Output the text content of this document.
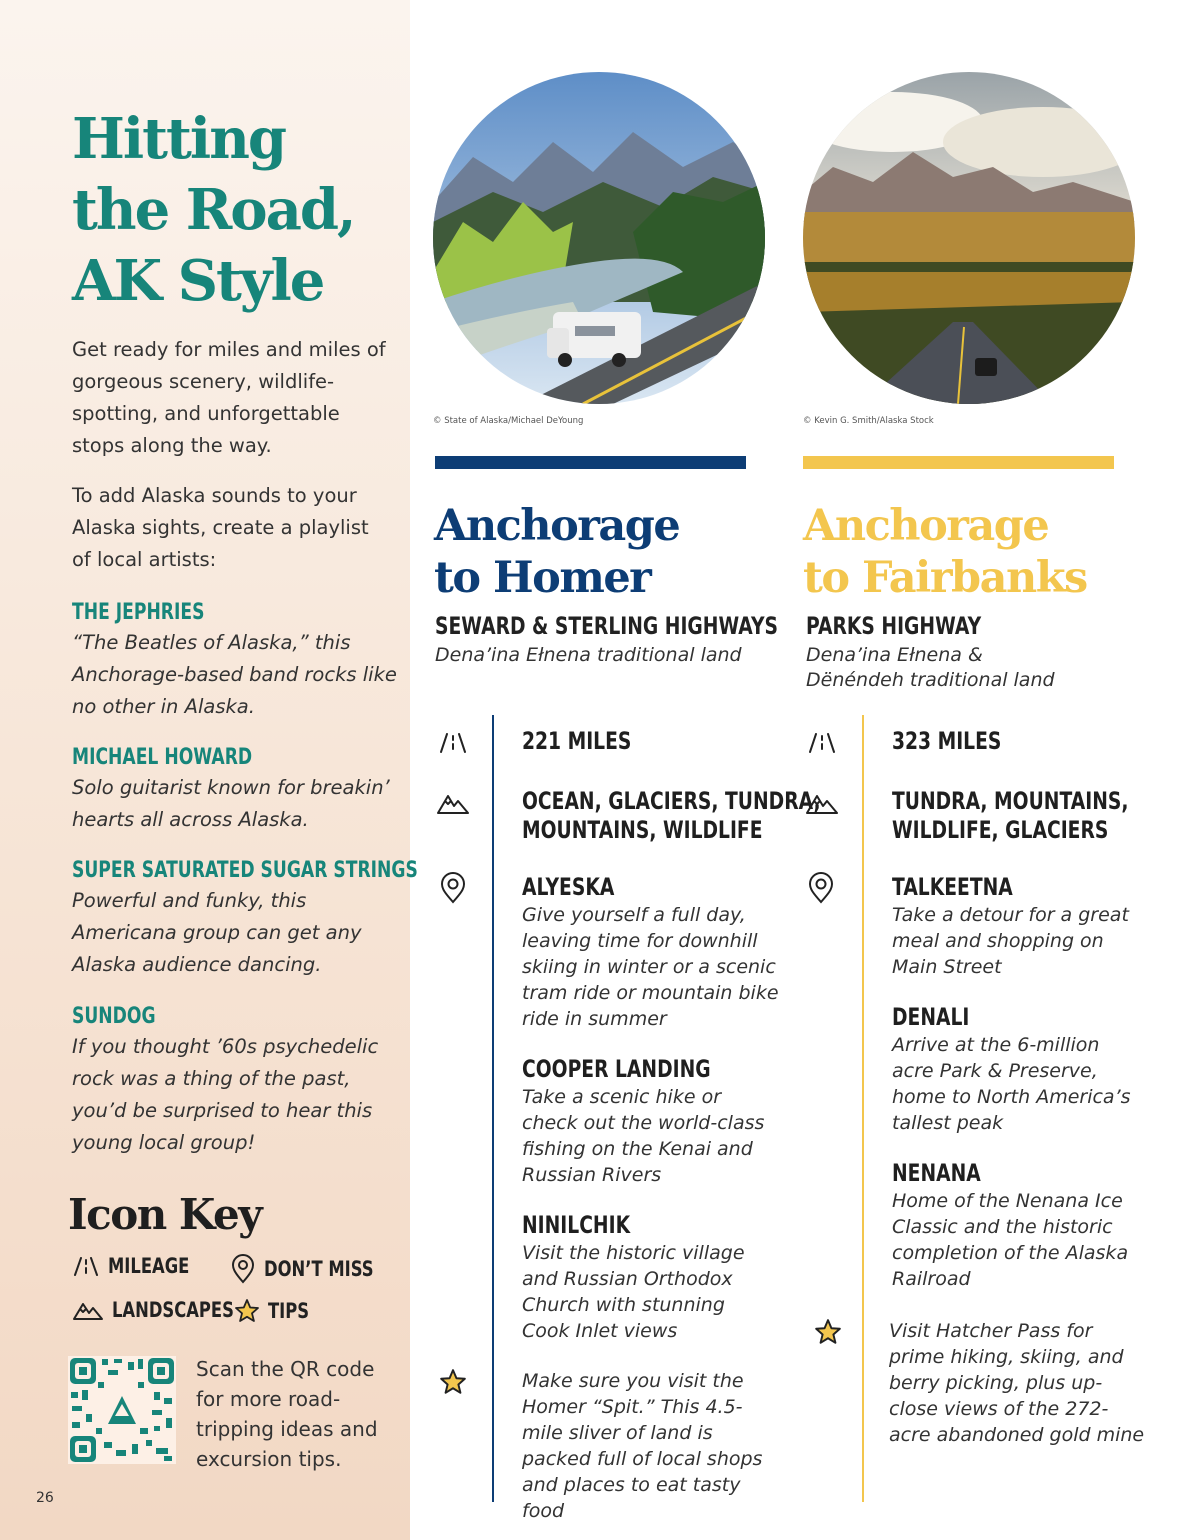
Hitting
the Road,
AK Style

Get ready for miles and miles of gorgeous scenery, wildlife-spotting, and unforgettable stops along the way.

To add Alaska sounds to your Alaska sights, create a playlist of local artists:

THE JEPHRIES
“The Beatles of Alaska,” this Anchorage-based band rocks like no other in Alaska.
MICHAEL HOWARD
Solo guitarist known for breakin’ hearts all across Alaska.
SUPER SATURATED SUGAR STRINGS
Powerful and funky, this Americana group can get any Alaska audience dancing.
SUNDOG
If you thought ’60s psychedelic rock was a thing of the past, you’d be surprised to hear this young local group!
Icon Key
MILEAGE	DON’T MISS
LANDSCAPES TIPS

Scan the QR code for more road-tripping ideas and excursion tips.

26
© State of Alaska/Michael DeYoung	© Kevin G. Smith/Alaska Stock
Anchorage
to Homer
SEWARD & STERLING HIGHWAYS
Dena’ina Ełnena traditional land
221 MILES
OCEAN, GLACIERS, TUNDRA,
MOUNTAINS, WILDLIFE
ALYESKA
Give yourself a full day, leaving time for downhill skiing in winter or a scenic tram ride or mountain bike ride in summer
COOPER LANDING
Take a scenic hike or check out the world-class fishing on the Kenai and Russian Rivers
NINILCHIK
Visit the historic village and Russian Orthodox Church with stunning Cook Inlet views
Make sure you visit the Homer “Spit.” This 4.5-mile sliver of land is packed full of local shops and places to eat tasty food
Anchorage
to Fairbanks
PARKS HIGHWAY
Dena’ina Ełnena &
Dënéndeh traditional land
323 MILES
TUNDRA, MOUNTAINS,
WILDLIFE, GLACIERS
TALKEETNA
Take a detour for a great meal and shopping on Main Street
DENALI
Arrive at the 6-million acre Park & Preserve, home to North America’s tallest peak
NENANA
Home of the Nenana Ice Classic and the historic completion of the Alaska Railroad
Visit Hatcher Pass for prime hiking, skiing, and berry picking, plus up-close views of the 272-acre abandoned gold mine
